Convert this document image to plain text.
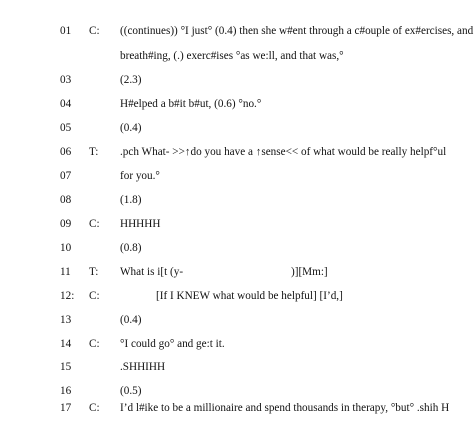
01 C: ((continues)) °I just° (0.4) then she w#ent through a c#ouple of ex#ercises, and
breath#ing, (.) exerc#ises °as we:ll, and that was,°
03	(2.3)
04	H#elped a b#it b#ut, (0.6) °no.°
05	(0.4)
06 T: .pch What- >>↑do you have a ↑sense<< of what would be really helpf°ul
07	for you.°
08	(1.8)
09 C: HHHHH
10	(0.8)
11 T: What is i[t (y-	)][Mm:]
12: C:	[If I KNEW what would be helpful] [I’d,]
13	(0.4)
14 C: °I could go° and ge:t it.
15	.SHHIHH
16	(0.5)
17 C: I’d l#ike to be a millionaire and spend thousands in therapy, °but° .shih H
